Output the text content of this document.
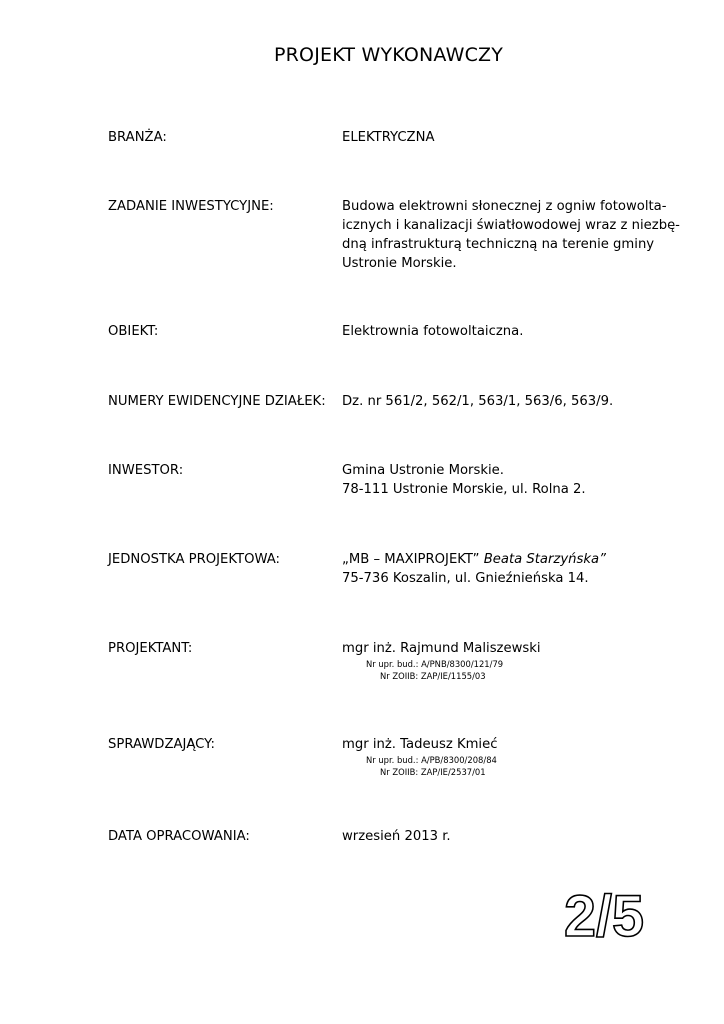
PROJEKT WYKONAWCZY
BRANŻA:	ELEKTRYCZNA
ZADANIE INWESTYCYJNE:	Budowa elektrowni słonecznej z ogniw fotowolta-
icznych i kanalizacji światłowodowej wraz z niezbę-
dną infrastrukturą techniczną na terenie gminy
Ustronie Morskie.
OBIEKT:	Elektrownia fotowoltaiczna.
NUMERY EWIDENCYJNE DZIAŁEK: Dz. nr 561/2, 562/1, 563/1, 563/6, 563/9.
INWESTOR:	Gmina Ustronie Morskie.
78-111 Ustronie Morskie, ul. Rolna 2.
JEDNOSTKA PROJEKTOWA:	„MB – MAXIPROJEKT” Beata Starzyńska”
75-736 Koszalin, ul. Gnieźnieńska 14.
PROJEKTANT:	mgr inż. Rajmund Maliszewski
Nr upr. bud.: A/PNB/8300/121/79
Nr ZOIIB: ZAP/IE/1155/03
SPRAWDZAJĄCY:	mgr inż. Tadeusz Kmieć
Nr upr. bud.: A/PB/8300/208/84
Nr ZOIIB: ZAP/IE/2537/01
DATA OPRACOWANIA:	wrzesień 2013 r.
2/5
